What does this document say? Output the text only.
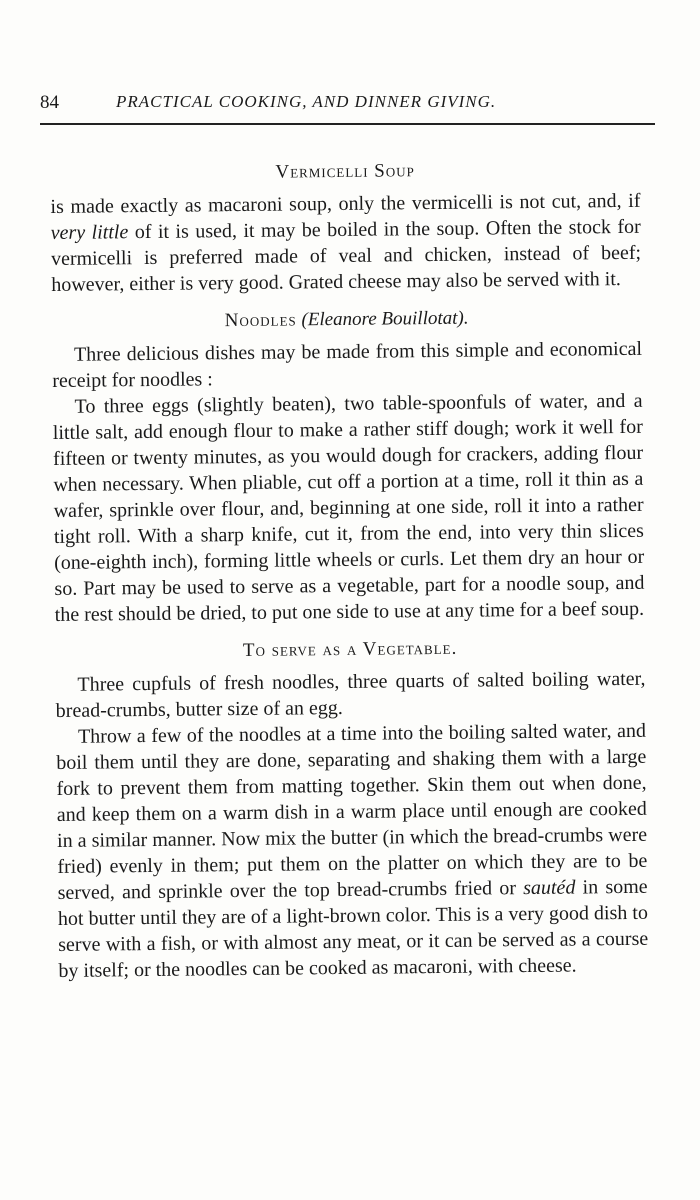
84	PRACTICAL COOKING, AND DINNER GIVING.
Vermicelli Soup

is made exactly as macaroni soup, only the vermicelli is not cut, and, if very little of it is used, it may be boiled in the soup. Often the stock for vermicelli is preferred made of veal and chicken, instead of beef; however, either is very good. Grated cheese may also be served with it.

Noodles (Eleanore Bouillotat).

Three delicious dishes may be made from this simple and economical receipt for noodles :

To three eggs (slightly beaten), two table-spoonfuls of water, and a little salt, add enough flour to make a rather stiff dough; work it well for fifteen or twenty minutes, as you would dough for crackers, adding flour when necessary. When pliable, cut off a portion at a time, roll it thin as a wafer, sprinkle over flour, and, beginning at one side, roll it into a rather tight roll. With a sharp knife, cut it, from the end, into very thin slices (one-eighth inch), forming little wheels or curls. Let them dry an hour or so. Part may be used to serve as a vegetable, part for a noodle soup, and the rest should be dried, to put one side to use at any time for a beef soup.

To serve as a Vegetable.

Three cupfuls of fresh noodles, three quarts of salted boiling water, bread-crumbs, butter size of an egg.

Throw a few of the noodles at a time into the boiling salted water, and boil them until they are done, separating and shaking them with a large fork to prevent them from matting together. Skin them out when done, and keep them on a warm dish in a warm place until enough are cooked in a similar manner. Now mix the butter (in which the bread-crumbs were fried) evenly in them; put them on the platter on which they are to be served, and sprinkle over the top bread-crumbs fried or sautéd in some hot butter until they are of a light-brown color. This is a very good dish to serve with a fish, or with almost any meat, or it can be served as a course by itself; or the noodles can be cooked as macaroni, with cheese.
